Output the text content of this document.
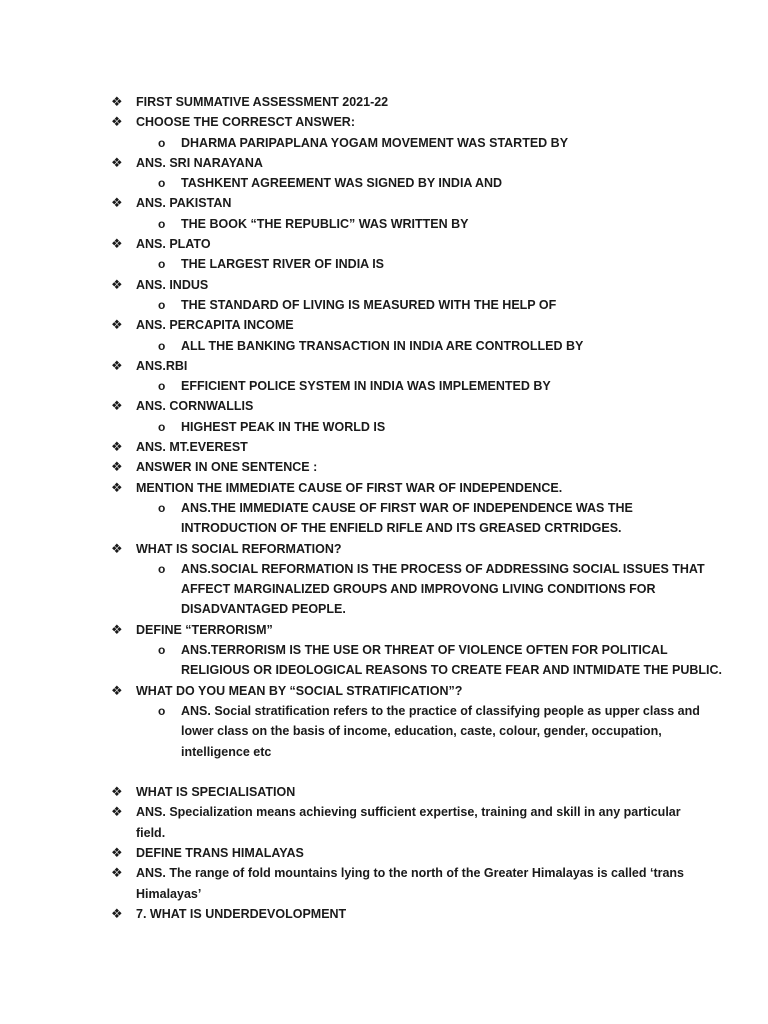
❖ FIRST SUMMATIVE ASSESSMENT 2021-22
❖ CHOOSE THE CORRESCT ANSWER:
o DHARMA PARIPAPLANA YOGAM MOVEMENT WAS STARTED BY
❖ ANS. SRI NARAYANA
o TASHKENT AGREEMENT WAS SIGNED BY INDIA AND
❖ ANS. PAKISTAN
o THE BOOK “THE REPUBLIC” WAS WRITTEN BY
❖ ANS. PLATO
o THE LARGEST RIVER OF INDIA IS
❖ ANS. INDUS
o THE STANDARD OF LIVING IS MEASURED WITH THE HELP OF
❖ ANS. PERCAPITA INCOME
o ALL THE BANKING TRANSACTION IN INDIA ARE CONTROLLED BY
❖ ANS.RBI
o EFFICIENT POLICE SYSTEM IN INDIA WAS IMPLEMENTED BY
❖ ANS. CORNWALLIS
o HIGHEST PEAK IN THE WORLD IS
❖ ANS. MT.EVEREST
❖ ANSWER IN ONE SENTENCE :
❖ MENTION THE IMMEDIATE CAUSE OF FIRST WAR OF INDEPENDENCE.
o ANS.THE IMMEDIATE CAUSE OF FIRST WAR OF INDEPENDENCE WAS THE
INTRODUCTION OF THE ENFIELD RIFLE AND ITS GREASED CRTRIDGES.
❖ WHAT IS SOCIAL REFORMATION?
o ANS.SOCIAL REFORMATION IS THE PROCESS OF ADDRESSING SOCIAL ISSUES THAT
AFFECT MARGINALIZED GROUPS AND IMPROVONG LIVING CONDITIONS FOR
DISADVANTAGED PEOPLE.
❖ DEFINE “TERRORISM”
o ANS.TERRORISM IS THE USE OR THREAT OF VIOLENCE OFTEN FOR POLITICAL
RELIGIOUS OR IDEOLOGICAL REASONS TO CREATE FEAR AND INTMIDATE THE PUBLIC.
❖ WHAT DO YOU MEAN BY “SOCIAL STRATIFICATION”?
o ANS. Social stratification refers to the practice of classifying people as upper class and
lower class on the basis of income, education, caste, colour, gender, occupation,
intelligence etc
❖ WHAT IS SPECIALISATION
❖ ANS. Specialization means achieving sufficient expertise, training and skill in any particular
field.
❖ DEFINE TRANS HIMALAYAS
❖ ANS. The range of fold mountains lying to the north of the Greater Himalayas is called ‘trans
Himalayas’
❖ 7. WHAT IS UNDERDEVOLOPMENT
